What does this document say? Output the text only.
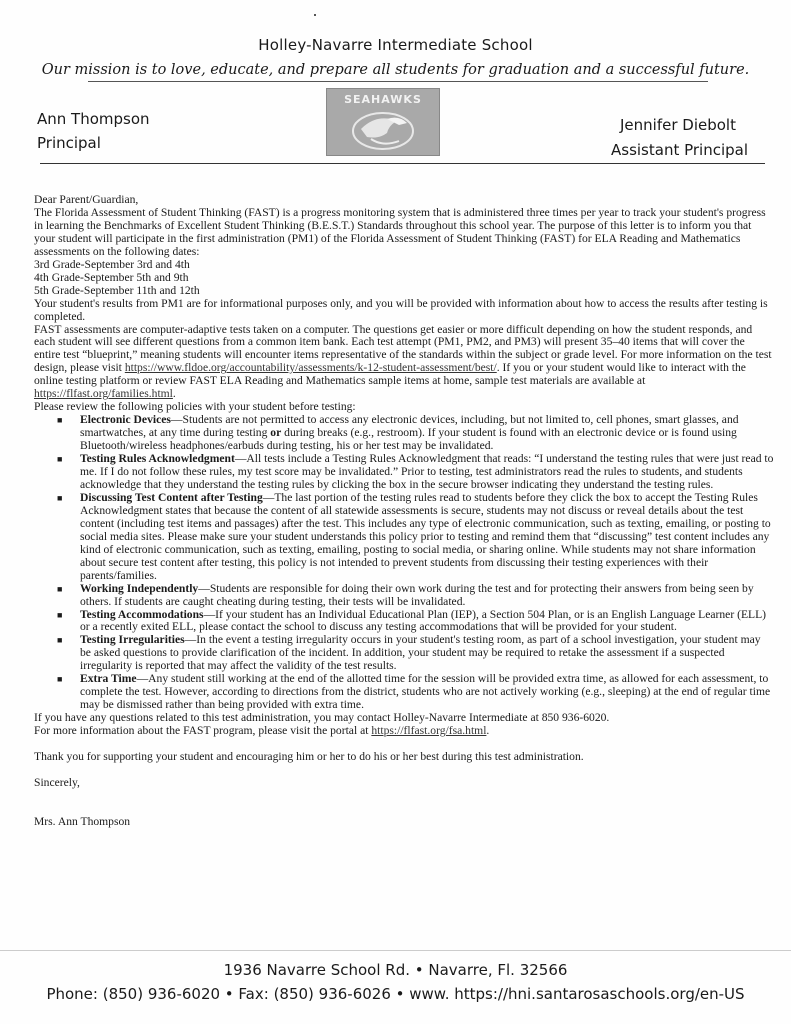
Holley-Navarre Intermediate School
Our mission is to love, educate, and prepare all students for graduation and a successful future.
SEAHAWKS
Ann Thompson
Principal
Jennifer Diebolt
Assistant Principal

Dear Parent/Guardian,

The Florida Assessment of Student Thinking (FAST) is a progress monitoring system that is administered three times per year to track your student's progress in learning the Benchmarks of Excellent Student Thinking (B.E.S.T.) Standards throughout this school year. The purpose of this letter is to inform you that your student will participate in the first administration (PM1) of the Florida Assessment of Student Thinking (FAST) for ELA Reading and Mathematics assessments on the following dates:

3rd Grade-September 3rd and 4th

4th Grade-September 5th and 9th

5th Grade-September 11th and 12th

Your student's results from PM1 are for informational purposes only, and you will be provided with information about how to access the results after testing is completed.

FAST assessments are computer-adaptive tests taken on a computer. The questions get easier or more difficult depending on how the student responds, and each student will see different questions from a common item bank. Each test attempt (PM1, PM2, and PM3) will present 35–40 items that will cover the entire test “blueprint,” meaning students will encounter items representative of the standards within the subject or grade level. For more information on the test design, please visit https://www.fldoe.org/accountability/assessments/k-12-student-assessment/best/. If you or your student would like to interact with the online testing platform or review FAST ELA Reading and Mathematics sample items at home, sample test materials are available at https://flfast.org/families.html.

Please review the following policies with your student before testing:

■ Electronic Devices—Students are not permitted to access any electronic devices, including, but not limited to, cell phones, smart glasses, and smartwatches, at any time during testing or during breaks (e.g., restroom). If your student is found with an electronic device or is found using Bluetooth/wireless headphones/earbuds during testing, his or her test may be invalidated.
■ Testing Rules Acknowledgment—All tests include a Testing Rules Acknowledgment that reads: “I understand the testing rules that were just read to me. If I do not follow these rules, my test score may be invalidated.” Prior to testing, test administrators read the rules to students, and students acknowledge that they understand the testing rules by clicking the box in the secure browser indicating they understand the testing rules.
■ Discussing Test Content after Testing—The last portion of the testing rules read to students before they click the box to accept the Testing Rules Acknowledgment states that because the content of all statewide assessments is secure, students may not discuss or reveal details about the test content (including test items and passages) after the test. This includes any type of electronic communication, such as texting, emailing, or posting to social media sites. Please make sure your student understands this policy prior to testing and remind them that “discussing” test content includes any kind of electronic communication, such as texting, emailing, posting to social media, or sharing online. While students may not share information about secure test content after testing, this policy is not intended to prevent students from discussing their testing experiences with their parents/families.
■ Working Independently—Students are responsible for doing their own work during the test and for protecting their answers from being seen by others. If students are caught cheating during testing, their tests will be invalidated.
■ Testing Accommodations—If your student has an Individual Educational Plan (IEP), a Section 504 Plan, or is an English Language Learner (ELL) or a recently exited ELL, please contact the school to discuss any testing accommodations that will be provided for your student.
■ Testing Irregularities—In the event a testing irregularity occurs in your student's testing room, as part of a school investigation, your student may be asked questions to provide clarification of the incident. In addition, your student may be required to retake the assessment if a suspected irregularity is reported that may affect the validity of the test results.
■ Extra Time—Any student still working at the end of the allotted time for the session will be provided extra time, as allowed for each assessment, to complete the test. However, according to directions from the district, students who are not actively working (e.g., sleeping) at the end of regular time may be dismissed rather than being provided with extra time.

If you have any questions related to this test administration, you may contact Holley-Navarre Intermediate at 850 936-6020.

For more information about the FAST program, please visit the portal at https://flfast.org/fsa.html.

Thank you for supporting your student and encouraging him or her to do his or her best during this test administration.

Sincerely,

Mrs. Ann Thompson

1936 Navarre School Rd. • Navarre, Fl. 32566
Phone: (850) 936-6020 • Fax: (850) 936-6026 • www. https://hni.santarosaschools.org/en-US
